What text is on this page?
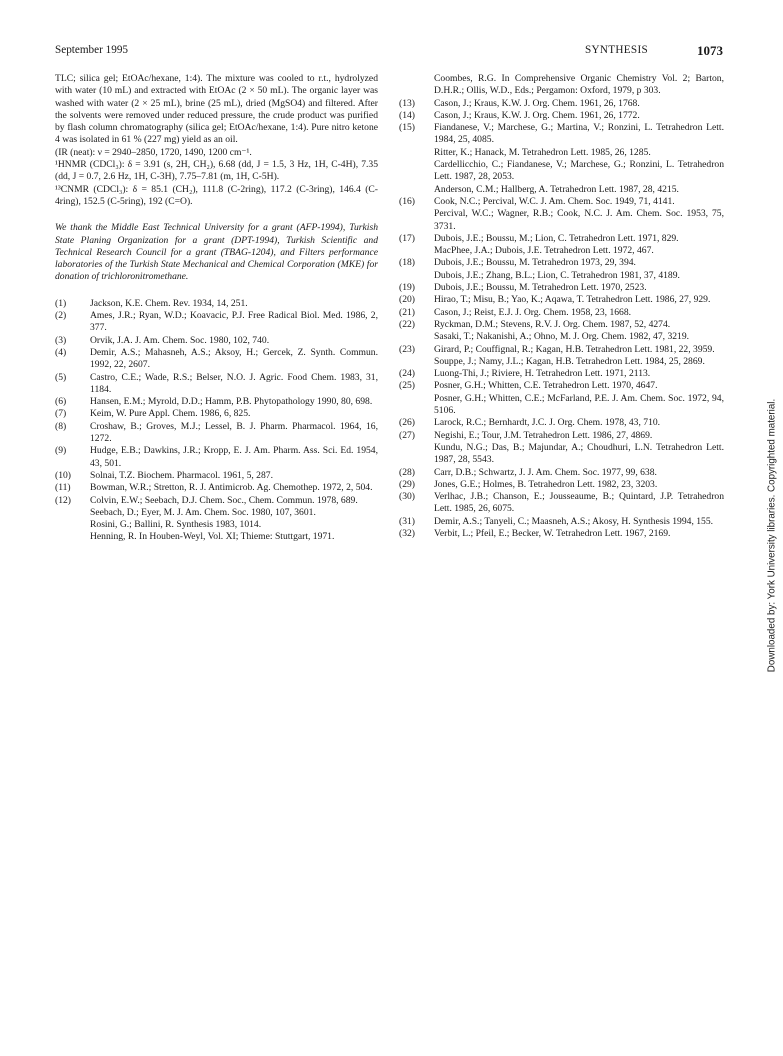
September 1995	SYNTHESIS	1073
TLC; silica gel; EtOAc/hexane, 1:4). The mixture was cooled to r.t., hydrolyzed with water (10 mL) and extracted with EtOAc (2 × 50 mL). The organic layer was washed with water (2 × 25 mL), brine (25 mL), dried (MgSO4) and filtered. After the solvents were removed under reduced pressure, the crude product was purified by flash column chromatography (silica gel; EtOAc/hexane, 1:4). Pure nitro ketone 4 was isolated in 61 % (227 mg) yield as an oil.
(IR (neat): ν = 2940–2850, 1720, 1490, 1200 cm⁻¹.
¹HNMR (CDCl₃): δ = 3.91 (s, 2H, CH₂), 6.68 (dd, J = 1.5, 3 Hz, 1H, C-4H), 7.35 (dd, J = 0.7, 2.6 Hz, 1H, C-3H), 7.75–7.81 (m, 1H, C-5H).
¹³CNMR (CDCl₃): δ = 85.1 (CH₂), 111.8 (C-2ring), 117.2 (C-3ring), 146.4 (C-4ring), 152.5 (C-5ring), 192 (C=O).
We thank the Middle East Technical University for a grant (AFP-1994), Turkish State Planing Organization for a grant (DPT-1994), Turkish Scientific and Technical Research Council for a grant (TBAG-1204), and Filters performance laboratories of the Turkish State Mechanical and Chemical Corporation (MKE) for donation of trichloronitromethane.
(1)	Jackson, K.E. Chem. Rev. 1934, 14, 251.
(2)	Ames, J.R.; Ryan, W.D.; Koavacic, P.J. Free Radical Biol. Med. 1986, 2, 377.
(3)	Orvik, J.A. J. Am. Chem. Soc. 1980, 102, 740.
(4)	Demir, A.S.; Mahasneh, A.S.; Aksoy, H.; Gercek, Z. Synth. Commun. 1992, 22, 2607.
(5)	Castro, C.E.; Wade, R.S.; Belser, N.O. J. Agric. Food Chem. 1983, 31, 1184.
(6)	Hansen, E.M.; Myrold, D.D.; Hamm, P.B. Phytopathology 1990, 80, 698.
(7)	Keim, W. Pure Appl. Chem. 1986, 6, 825.
(8)	Croshaw, B.; Groves, M.J.; Lessel, B. J. Pharm. Pharmacol. 1964, 16, 1272.
(9)	Hudge, E.B.; Dawkins, J.R.; Kropp, E. J. Am. Pharm. Ass. Sci. Ed. 1954, 43, 501.
(10)	Solnai, T.Z. Biochem. Pharmacol. 1961, 5, 287.
(11)	Bowman, W.R.; Stretton, R. J. Antimicrob. Ag. Chemothep. 1972, 2, 504.
(12)	Colvin, E.W.; Seebach, D.J. Chem. Soc., Chem. Commun. 1978, 689.
Seebach, D.; Eyer, M. J. Am. Chem. Soc. 1980, 107, 3601.
Rosini, G.; Ballini, R. Synthesis 1983, 1014.
Henning, R. In Houben-Weyl, Vol. XI; Thieme: Stuttgart, 1971.
Coombes, R.G. In Comprehensive Organic Chemistry Vol. 2; Barton, D.H.R.; Ollis, W.D., Eds.; Pergamon: Oxford, 1979, p 303.
(13)	Cason, J.; Kraus, K.W. J. Org. Chem. 1961, 26, 1768.
(14)	Cason, J.; Kraus, K.W. J. Org. Chem. 1961, 26, 1772.
(15)	Fiandanese, V.; Marchese, G.; Martina, V.; Ronzini, L. Tetrahedron Lett. 1984, 25, 4085.
Ritter, K.; Hanack, M. Tetrahedron Lett. 1985, 26, 1285.
Cardellicchio, C.; Fiandanese, V.; Marchese, G.; Ronzini, L. Tetrahedron Lett. 1987, 28, 2053.
Anderson, C.M.; Hallberg, A. Tetrahedron Lett. 1987, 28, 4215.
(16)	Cook, N.C.; Percival, W.C. J. Am. Chem. Soc. 1949, 71, 4141.
Percival, W.C.; Wagner, R.B.; Cook, N.C. J. Am. Chem. Soc. 1953, 75, 3731.
(17)	Dubois, J.E.; Boussu, M.; Lion, C. Tetrahedron Lett. 1971, 829.
MacPhee, J.A.; Dubois, J.E. Tetrahedron Lett. 1972, 467.
(18)	Dubois, J.E.; Boussu, M. Tetrahedron 1973, 29, 394.
Dubois, J.E.; Zhang, B.L.; Lion, C. Tetrahedron 1981, 37, 4189.
(19)	Dubois, J.E.; Boussu, M. Tetrahedron Lett. 1970, 2523.
(20)	Hirao, T.; Misu, B.; Yao, K.; Aqawa, T. Tetrahedron Lett. 1986, 27, 929.
(21)	Cason, J.; Reist, E.J. J. Org. Chem. 1958, 23, 1668.
(22)	Ryckman, D.M.; Stevens, R.V. J. Org. Chem. 1987, 52, 4274.
Sasaki, T.; Nakanishi, A.; Ohno, M. J. Org. Chem. 1982, 47, 3219.
(23)	Girard, P.; Couffignal, R.; Kagan, H.B. Tetrahedron Lett. 1981, 22, 3959.
Souppe, J.; Namy, J.L.; Kagan, H.B. Tetrahedron Lett. 1984, 25, 2869.
(24)	Luong-Thi, J.; Riviere, H. Tetrahedron Lett. 1971, 2113.
(25)	Posner, G.H.; Whitten, C.E. Tetrahedron Lett. 1970, 4647.
Posner, G.H.; Whitten, C.E.; McFarland, P.E. J. Am. Chem. Soc. 1972, 94, 5106.
(26)	Larock, R.C.; Bernhardt, J.C. J. Org. Chem. 1978, 43, 710.
(27)	Negishi, E.; Tour, J.M. Tetrahedron Lett. 1986, 27, 4869.
Kundu, N.G.; Das, B.; Majundar, A.; Choudhuri, L.N. Tetrahedron Lett. 1987, 28, 5543.
(28)	Carr, D.B.; Schwartz, J. J. Am. Chem. Soc. 1977, 99, 638.
(29)	Jones, G.E.; Holmes, B. Tetrahedron Lett. 1982, 23, 3203.
(30)	Verlhac, J.B.; Chanson, E.; Jousseaume, B.; Quintard, J.P. Tetrahedron Lett. 1985, 26, 6075.
(31)	Demir, A.S.; Tanyeli, C.; Maasneh, A.S.; Akosy, H. Synthesis 1994, 155.
(32)	Verbit, L.; Pfeil, E.; Becker, W. Tetrahedron Lett. 1967, 2169.	Downloaded by: York University libraries. Copyrighted material.
